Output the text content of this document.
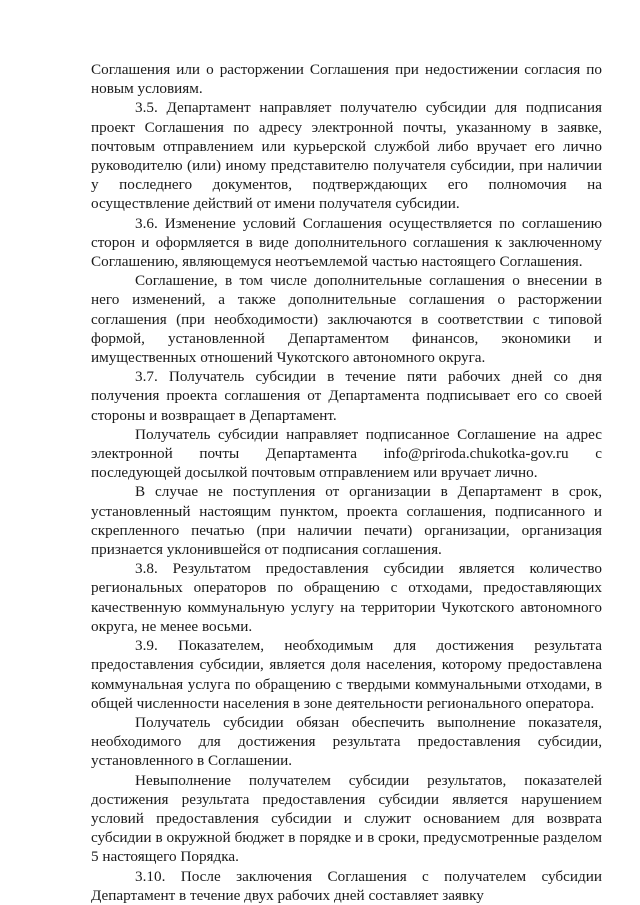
Соглашения или о расторжении Соглашения при недостижении согласия по новым условиям.

3.5. Департамент направляет получателю субсидии для подписания проект Соглашения по адресу электронной почты, указанному в заявке, почтовым отправлением или курьерской службой либо вручает его лично руководителю (или) иному представителю получателя субсидии, при наличии у последнего документов, подтверждающих его полномочия на осуществление действий от имени получателя субсидии.

3.6. Изменение условий Соглашения осуществляется по соглашению сторон и оформляется в виде дополнительного соглашения к заключенному Соглашению, являющемуся неотъемлемой частью настоящего Соглашения.

Соглашение, в том числе дополнительные соглашения о внесении в него изменений, а также дополнительные соглашения о расторжении соглашения (при необходимости) заключаются в соответствии с типовой формой, установленной Департаментом финансов, экономики и имущественных отношений Чукотского автономного округа.

3.7. Получатель субсидии в течение пяти рабочих дней со дня получения проекта соглашения от Департамента подписывает его со своей стороны и возвращает в Департамент.

Получатель субсидии направляет подписанное Соглашение на адрес электронной почты Департамента info@priroda.chukotka-gov.ru с последующей досылкой почтовым отправлением или вручает лично.

В случае не поступления от организации в Департамент в срок, установленный настоящим пунктом, проекта соглашения, подписанного и скрепленного печатью (при наличии печати) организации, организация признается уклонившейся от подписания соглашения.

3.8. Результатом предоставления субсидии является количество региональных операторов по обращению с отходами, предоставляющих качественную коммунальную услугу на территории Чукотского автономного округа, не менее восьми.

3.9. Показателем, необходимым для достижения результата предоставления субсидии, является доля населения, которому предоставлена коммунальная услуга по обращению с твердыми коммунальными отходами, в общей численности населения в зоне деятельности регионального оператора.

Получатель субсидии обязан обеспечить выполнение показателя, необходимого для достижения результата предоставления субсидии, установленного в Соглашении.

Невыполнение получателем субсидии результатов, показателей достижения результата предоставления субсидии является нарушением условий предоставления субсидии и служит основанием для возврата субсидии в окружной бюджет в порядке и в сроки, предусмотренные разделом 5 настоящего Порядка.

3.10. После заключения Соглашения с получателем субсидии Департамент в течение двух рабочих дней составляет заявку
